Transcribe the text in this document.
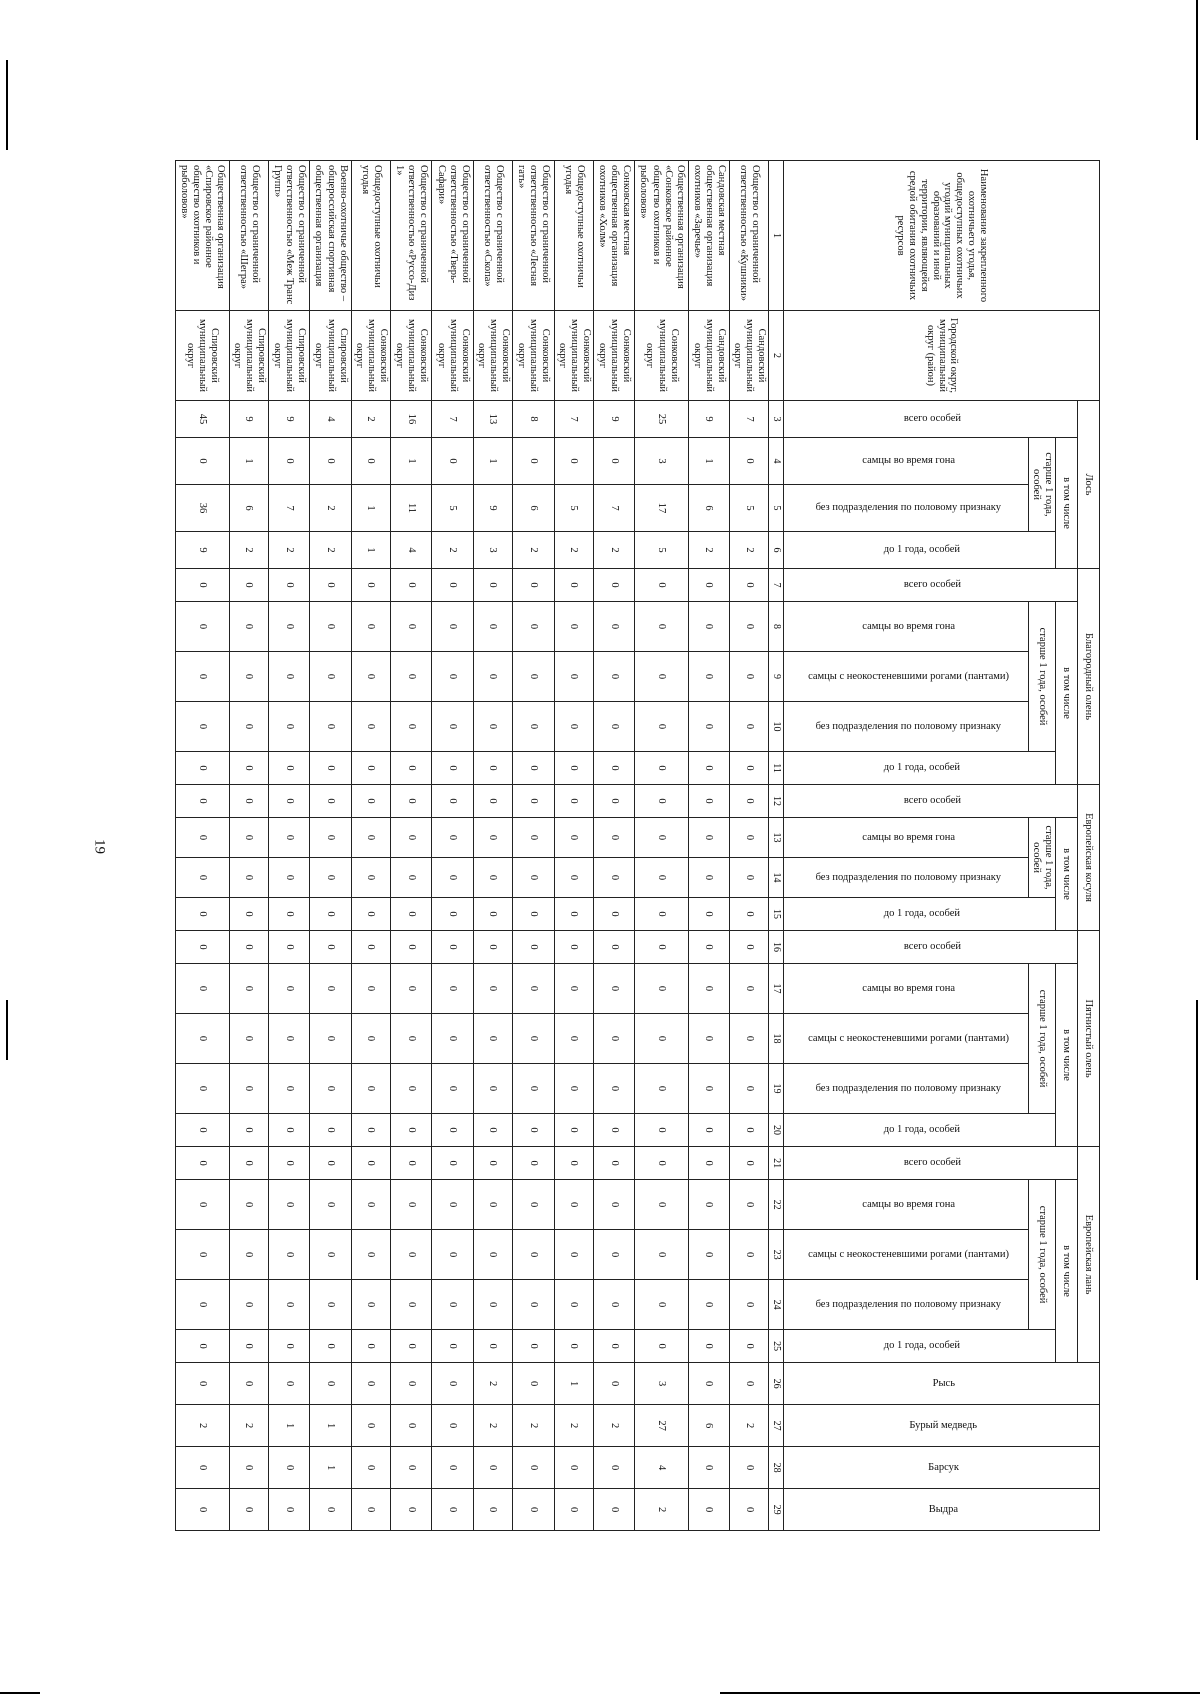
19
Наименование закрепленного охотничьего угодья, общедоступных охотничьих угодий муниципальных образований и иной территории, являющейся средой обитания охотничьих ресурсов	Городской округ, муниципальный округ (район)	Лось				Благородный олень					Европейская косуля				Пятнистый олень					Европейская лань					Рысь	Бурый медведь	Барсук	Выдра
		всего особей	в том числе			всего особей	в том числе				всего особей	в том числе			всего особей	в том числе				всего особей	в том числе							
			старше 1 года, особей		до 1 года, особей		старше 1 года, особей			до 1 года, особей		старше 1 года, особей		до 1 года, особей		старше 1 года, особей			до 1 года, особей		старше 1 года, особей			до 1 года, особей				
			самцы во время гона	без подразделения по половому признаку			самцы во время гона	самцы с неокостеневшими рогами (пантами)	без подразделения по половому признаку			самцы во время гона	без подразделения по половому признаку			самцы во время гона	самцы с неокостеневшими рогами (пантами)	без подразделения по половому признаку			самцы во время гона	самцы с неокостеневшими рогами (пантами)	без подразделения по половому признаку					
1	2	3	4	5	6	7	8	9	10	11	12	13	14	15	16	17	18	19	20	21	22	23	24	25	26	27	28	29
Общество с ограниченной ответственностью «Кушники»	Сандовский муниципальный округ	7	0	5	2	0	0	0	0	0	0	0	0	0	0	0	0	0	0	0	0	0	0	0	0	2	0	0
Сандовская местная общественная организация охотников «Заречье»	Сандовский муниципальный округ	9	1	6	2	0	0	0	0	0	0	0	0	0	0	0	0	0	0	0	0	0	0	0	0	6	0	0
Общественная организация «Сонковское районное общество охотников и рыболовов»	Сонковский муниципальный округ	25	3	17	5	0	0	0	0	0	0	0	0	0	0	0	0	0	0	0	0	0	0	0	3	27	4	2
Сонковская местная общественная организация охотников «Холм»	Сонковский муниципальный округ	9	0	7	2	0	0	0	0	0	0	0	0	0	0	0	0	0	0	0	0	0	0	0	0	2	0	0
Общедоступные охотничьи угодья	Сонковский муниципальный округ	7	0	5	2	0	0	0	0	0	0	0	0	0	0	0	0	0	0	0	0	0	0	0	1	2	0	0
Общество с ограниченной ответственностью «Лесная гать»	Сонковский муниципальный округ	8	0	6	2	0	0	0	0	0	0	0	0	0	0	0	0	0	0	0	0	0	0	0	0	2	0	0
Общество с ограниченной ответственностью «Скопа»	Сонковский муниципальный округ	13	1	9	3	0	0	0	0	0	0	0	0	0	0	0	0	0	0	0	0	0	0	0	2	2	0	0
Общество с ограниченной ответственностью «Тверь-Сафари»	Сонковский муниципальный округ	7	0	5	2	0	0	0	0	0	0	0	0	0	0	0	0	0	0	0	0	0	0	0	0	0	0	0
Общество с ограниченной ответственностью «Руссо-Диз 1»	Сонковский муниципальный округ	16	1	11	4	0	0	0	0	0	0	0	0	0	0	0	0	0	0	0	0	0	0	0	0	0	0	0
Общедоступные охотничьи угодья	Сонковский муниципальный округ	2	0	1	1	0	0	0	0	0	0	0	0	0	0	0	0	0	0	0	0	0	0	0	0	0	0	0
Военно-охотничье общество – общероссийская спортивная общественная организация	Спировский муниципальный округ	4	0	2	2	0	0	0	0	0	0	0	0	0	0	0	0	0	0	0	0	0	0	0	0	1	1	0
Общество с ограниченной ответственностью «Меж Транс Групп»	Спировский муниципальный округ	9	0	7	2	0	0	0	0	0	0	0	0	0	0	0	0	0	0	0	0	0	0	0	0	1	0	0
Общество с ограниченной ответственностью «Шегра»	Спировский муниципальный округ	9	1	6	2	0	0	0	0	0	0	0	0	0	0	0	0	0	0	0	0	0	0	0	0	2	0	0
Общественная организация «Спировское районное общество охотников и рыболовов»	Спировский муниципальный округ	45	0	36	9	0	0	0	0	0	0	0	0	0	0	0	0	0	0	0	0	0	0	0	0	2	0	0
